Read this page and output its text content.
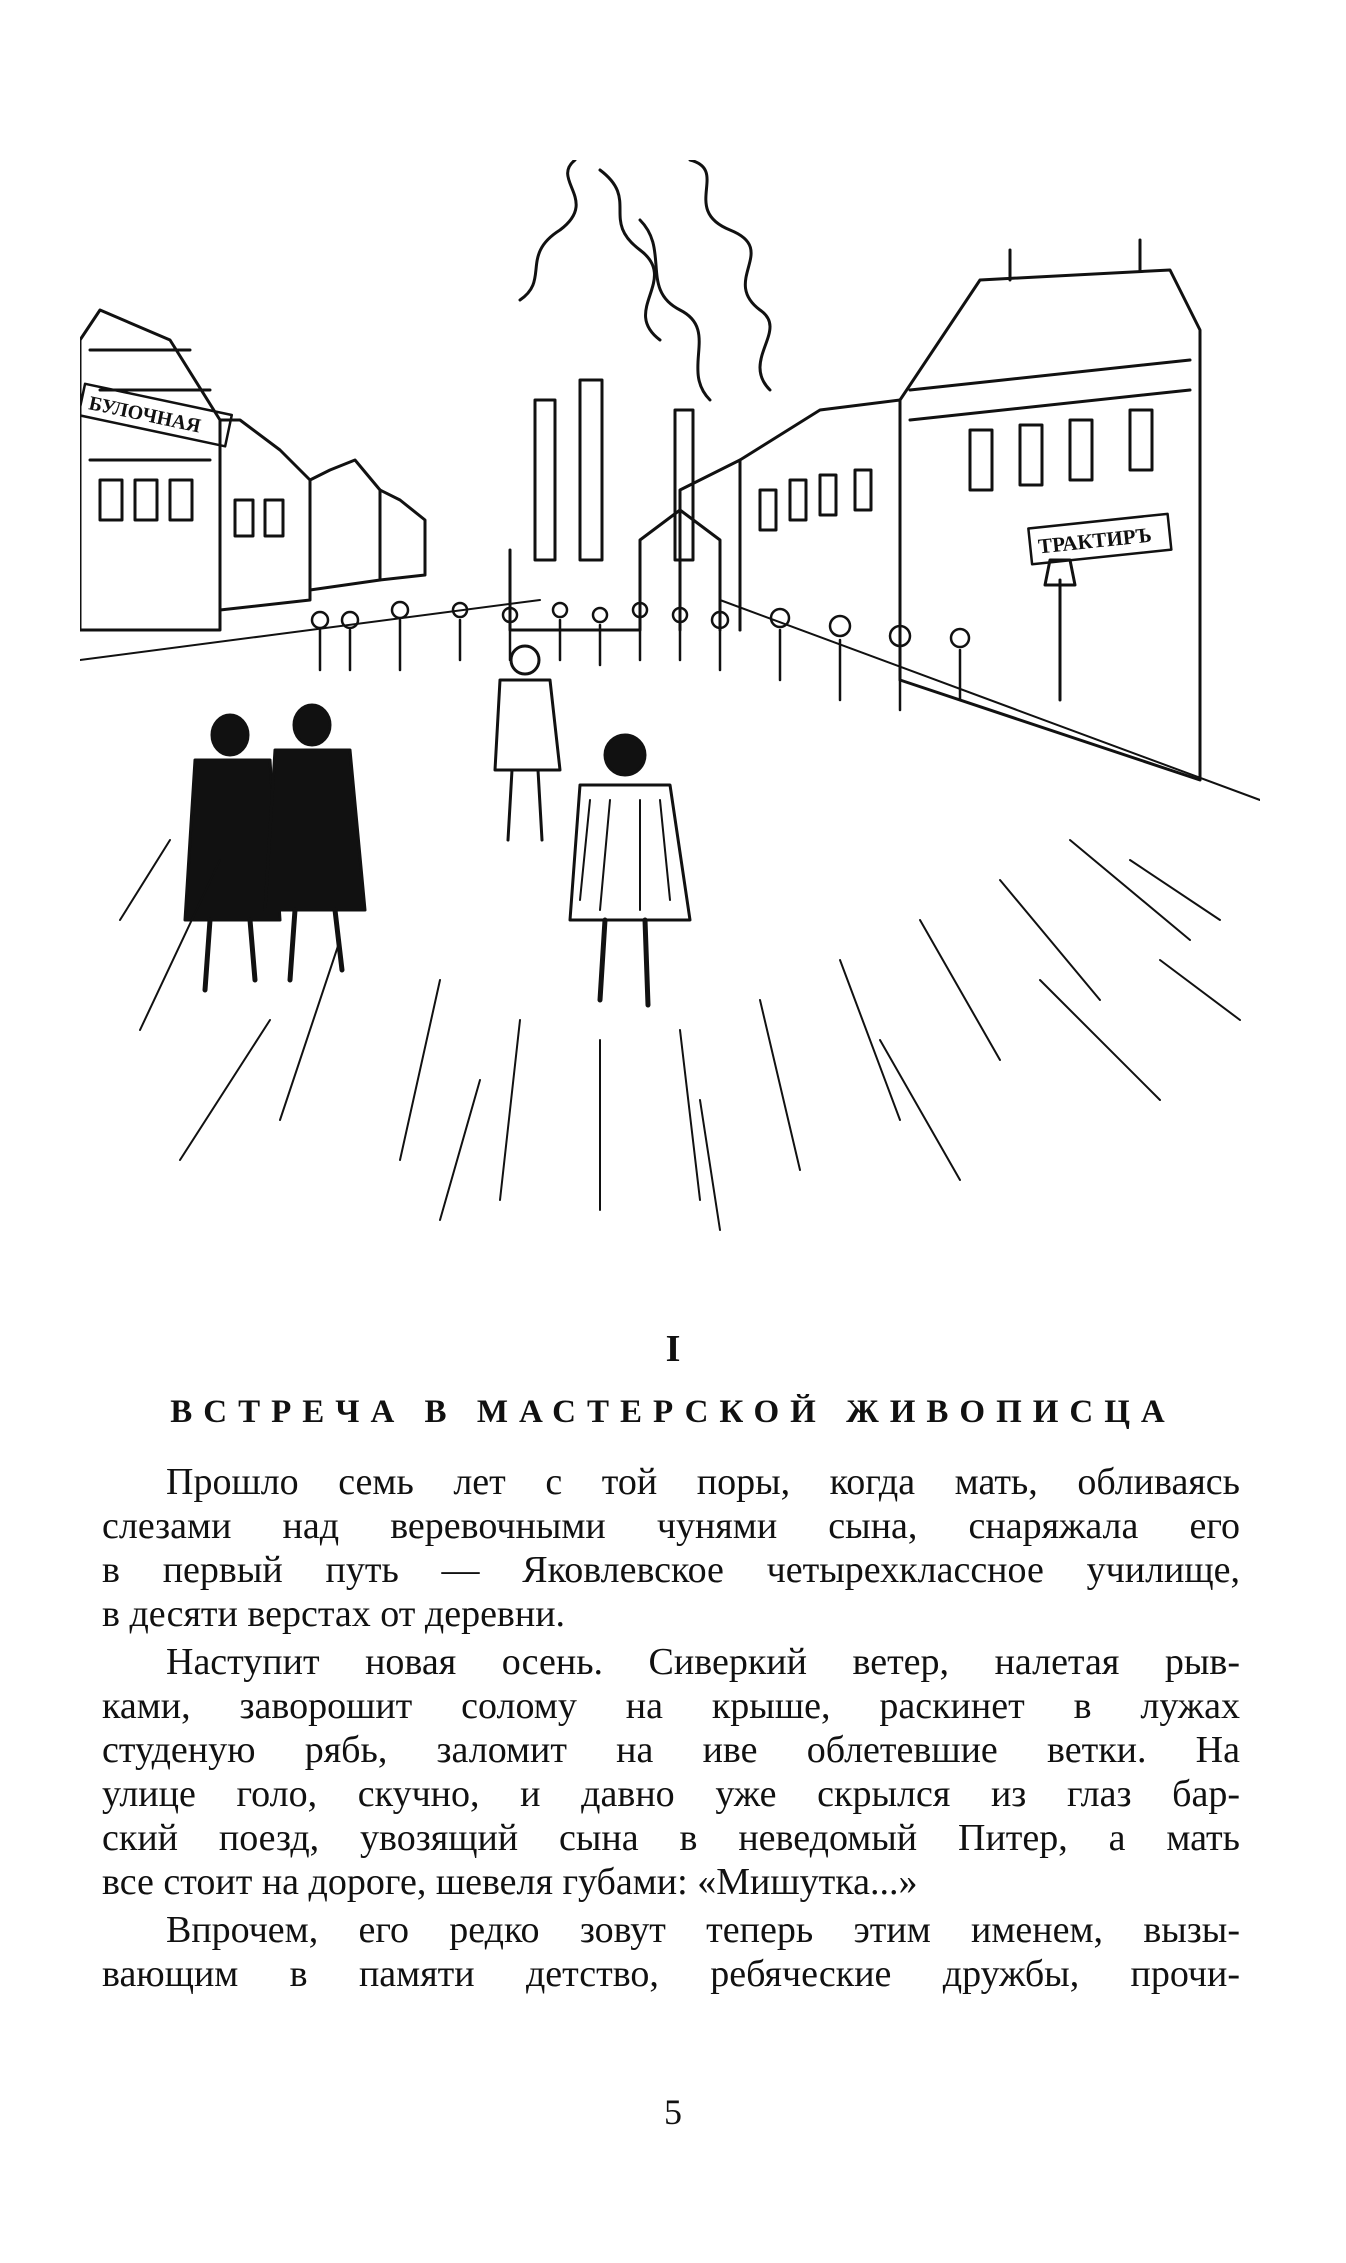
БУЛОЧНАЯ
ТРАКТИРЪ
I
ВСТРЕЧА В МАСТЕРСКОЙ ЖИВОПИСЦА
Прошло семь лет с той поры, когда мать, обливаясь
слезами над веревочными чунями сына, снаряжала его
в первый путь — Яковлевское четырехклассное училище,
в десяти верстах от деревни.
Наступит новая осень. Сиверкий ветер, налетая рыв-
ками, заворошит солому на крыше, раскинет в лужах
студеную рябь, заломит на иве облетевшие ветки. На
улице голо, скучно, и давно уже скрылся из глаз бар-
ский поезд, увозящий сына в неведомый Питер, а мать
все стоит на дороге, шевеля губами: «Мишутка...»
Впрочем, его редко зовут теперь этим именем, вызы-
вающим в памяти детство, ребяческие дружбы, прочи-
5
